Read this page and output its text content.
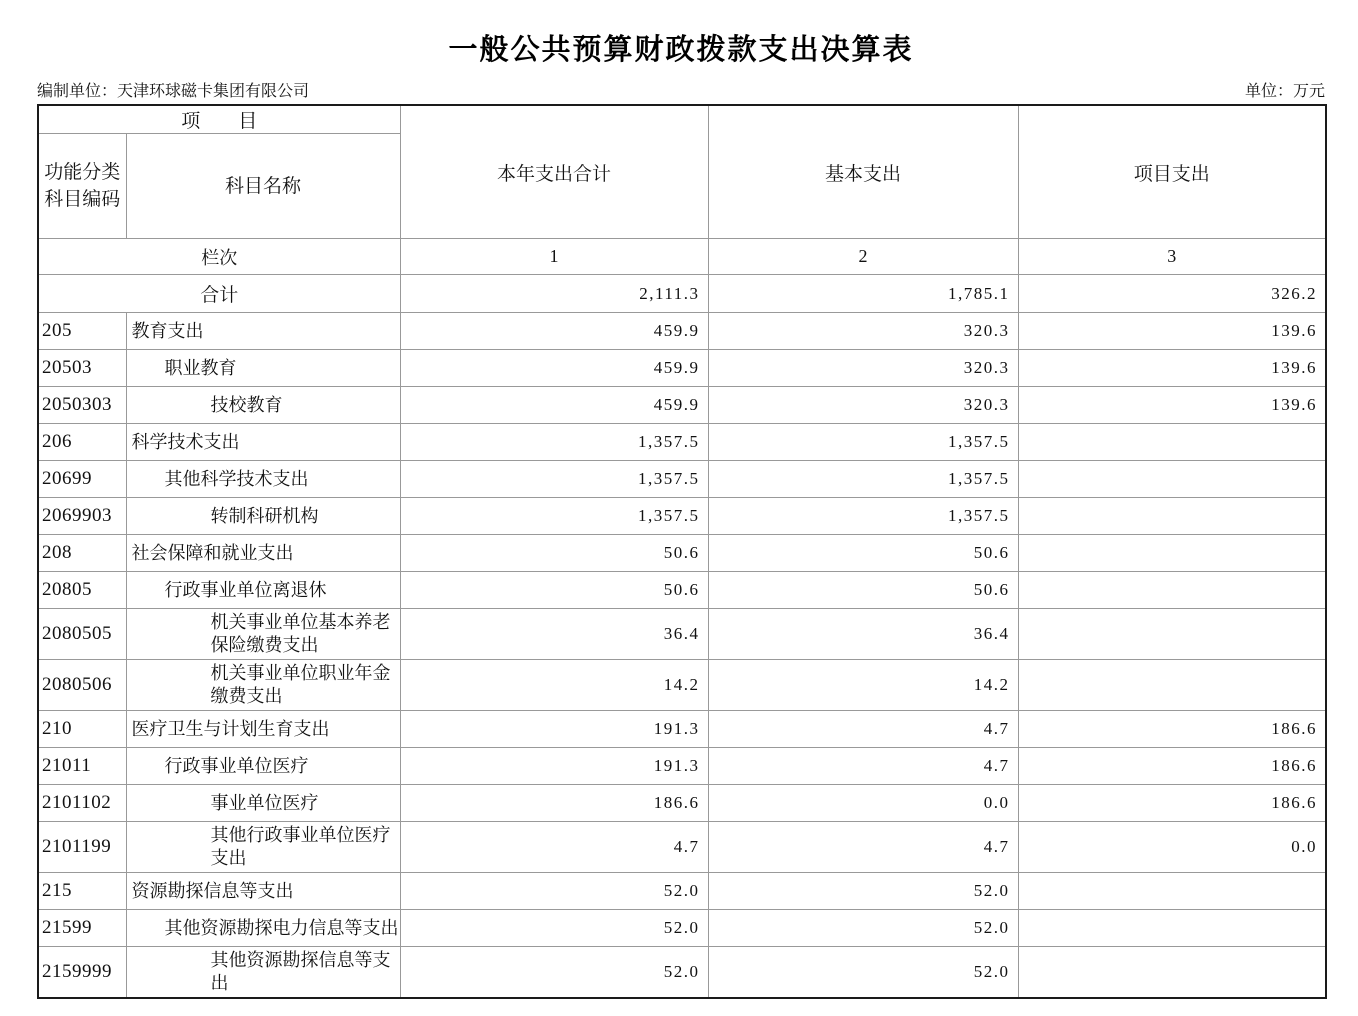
一般公共预算财政拨款支出决算表
编制单位：天津环球磁卡集团有限公司	单位：万元
项　　目		本年支出合计	基本支出	项目支出
功能分类科目编码	科目名称			
栏次		1	2	3
合计		2,111.3	1,785.1	326.2
205	教育支出	459.9	320.3	139.6
20503	职业教育	459.9	320.3	139.6
2050303	技校教育	459.9	320.3	139.6
206	科学技术支出	1,357.5	1,357.5	
20699	其他科学技术支出	1,357.5	1,357.5	
2069903	转制科研机构	1,357.5	1,357.5	
208	社会保障和就业支出	50.6	50.6	
20805	行政事业单位离退休	50.6	50.6	
2080505	机关事业单位基本养老保险缴费支出	36.4	36.4	
2080506	机关事业单位职业年金缴费支出	14.2	14.2	
210	医疗卫生与计划生育支出	191.3	4.7	186.6
21011	行政事业单位医疗	191.3	4.7	186.6
2101102	事业单位医疗	186.6	0.0	186.6
2101199	其他行政事业单位医疗支出	4.7	4.7	0.0
215	资源勘探信息等支出	52.0	52.0	
21599	其他资源勘探电力信息等支出	52.0	52.0	
2159999	其他资源勘探信息等支出	52.0	52.0	
